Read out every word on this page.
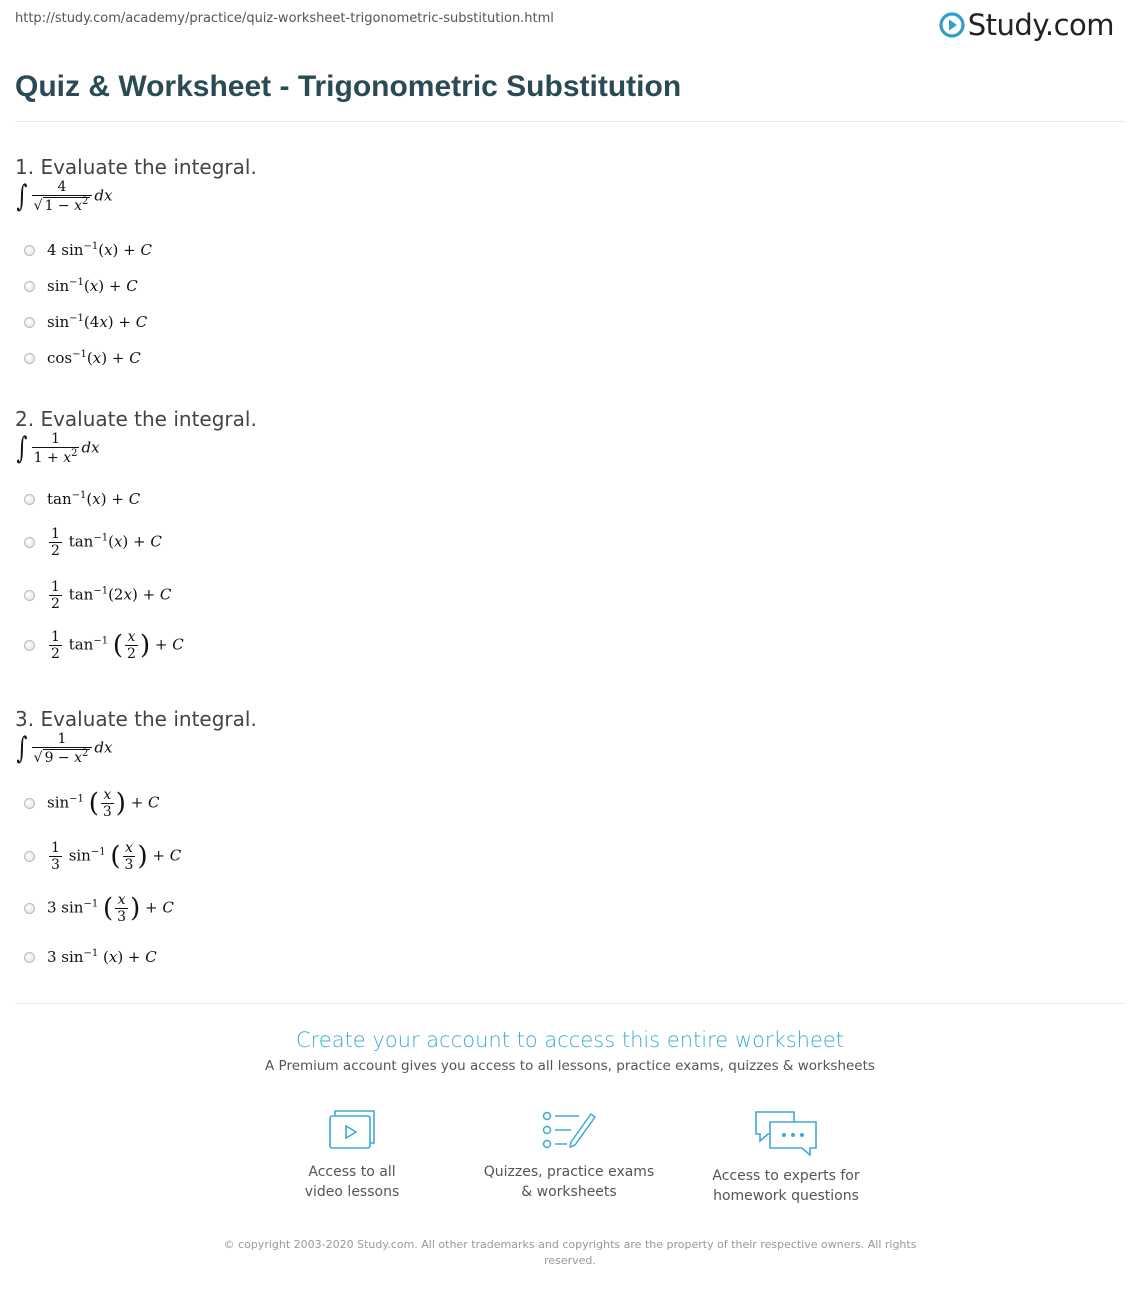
http://study.com/academy/practice/quiz-worksheet-trigonometric-substitution.html	Study.com
Quiz & Worksheet - Trigonometric Substitution
1. Evaluate the integral.
∫ $\frac{4}{√ 1 - x^2}$ dx
4 $\sin^{-1}(x) + C$
$\sin^{-1}(x) + C$
$\sin^{-1}(4x) + C$
$\cos^{-1}(x) + C$
2. Evaluate the integral.
∫ $\frac{1}{1 + x^2}$ dx
$\tan^{-1}(x) + C$
$\frac{1}{2} \tan^{-1}(x) + C$
$\frac{1}{2} \tan^{-1}(2x) + C$
$\frac{1}{2} \tan^{-1}$ ( $\frac{x}{2}$ ) + C
3. Evaluate the integral.
∫ $\frac{1}{√ 9 - x^2}$ dx
$\sin^{-1}$ ( $\frac{x}{3}$ ) + C
$\frac{1}{3} \sin^{-1}$ ( $\frac{x}{3}$ ) + C
3 $\sin^{-1}$ ( $\frac{x}{3}$ ) + C
3 $\sin^{-1} (x) + C$
Create your account to access this entire worksheet
A Premium account gives you access to all lessons, practice exams, quizzes & worksheets
Access to all
video lessons
Quizzes, practice exams
& worksheets
Access to experts for
homework questions
© copyright 2003-2020 Study.com. All other trademarks and copyrights are the property of their respective owners. All rights reserved.
